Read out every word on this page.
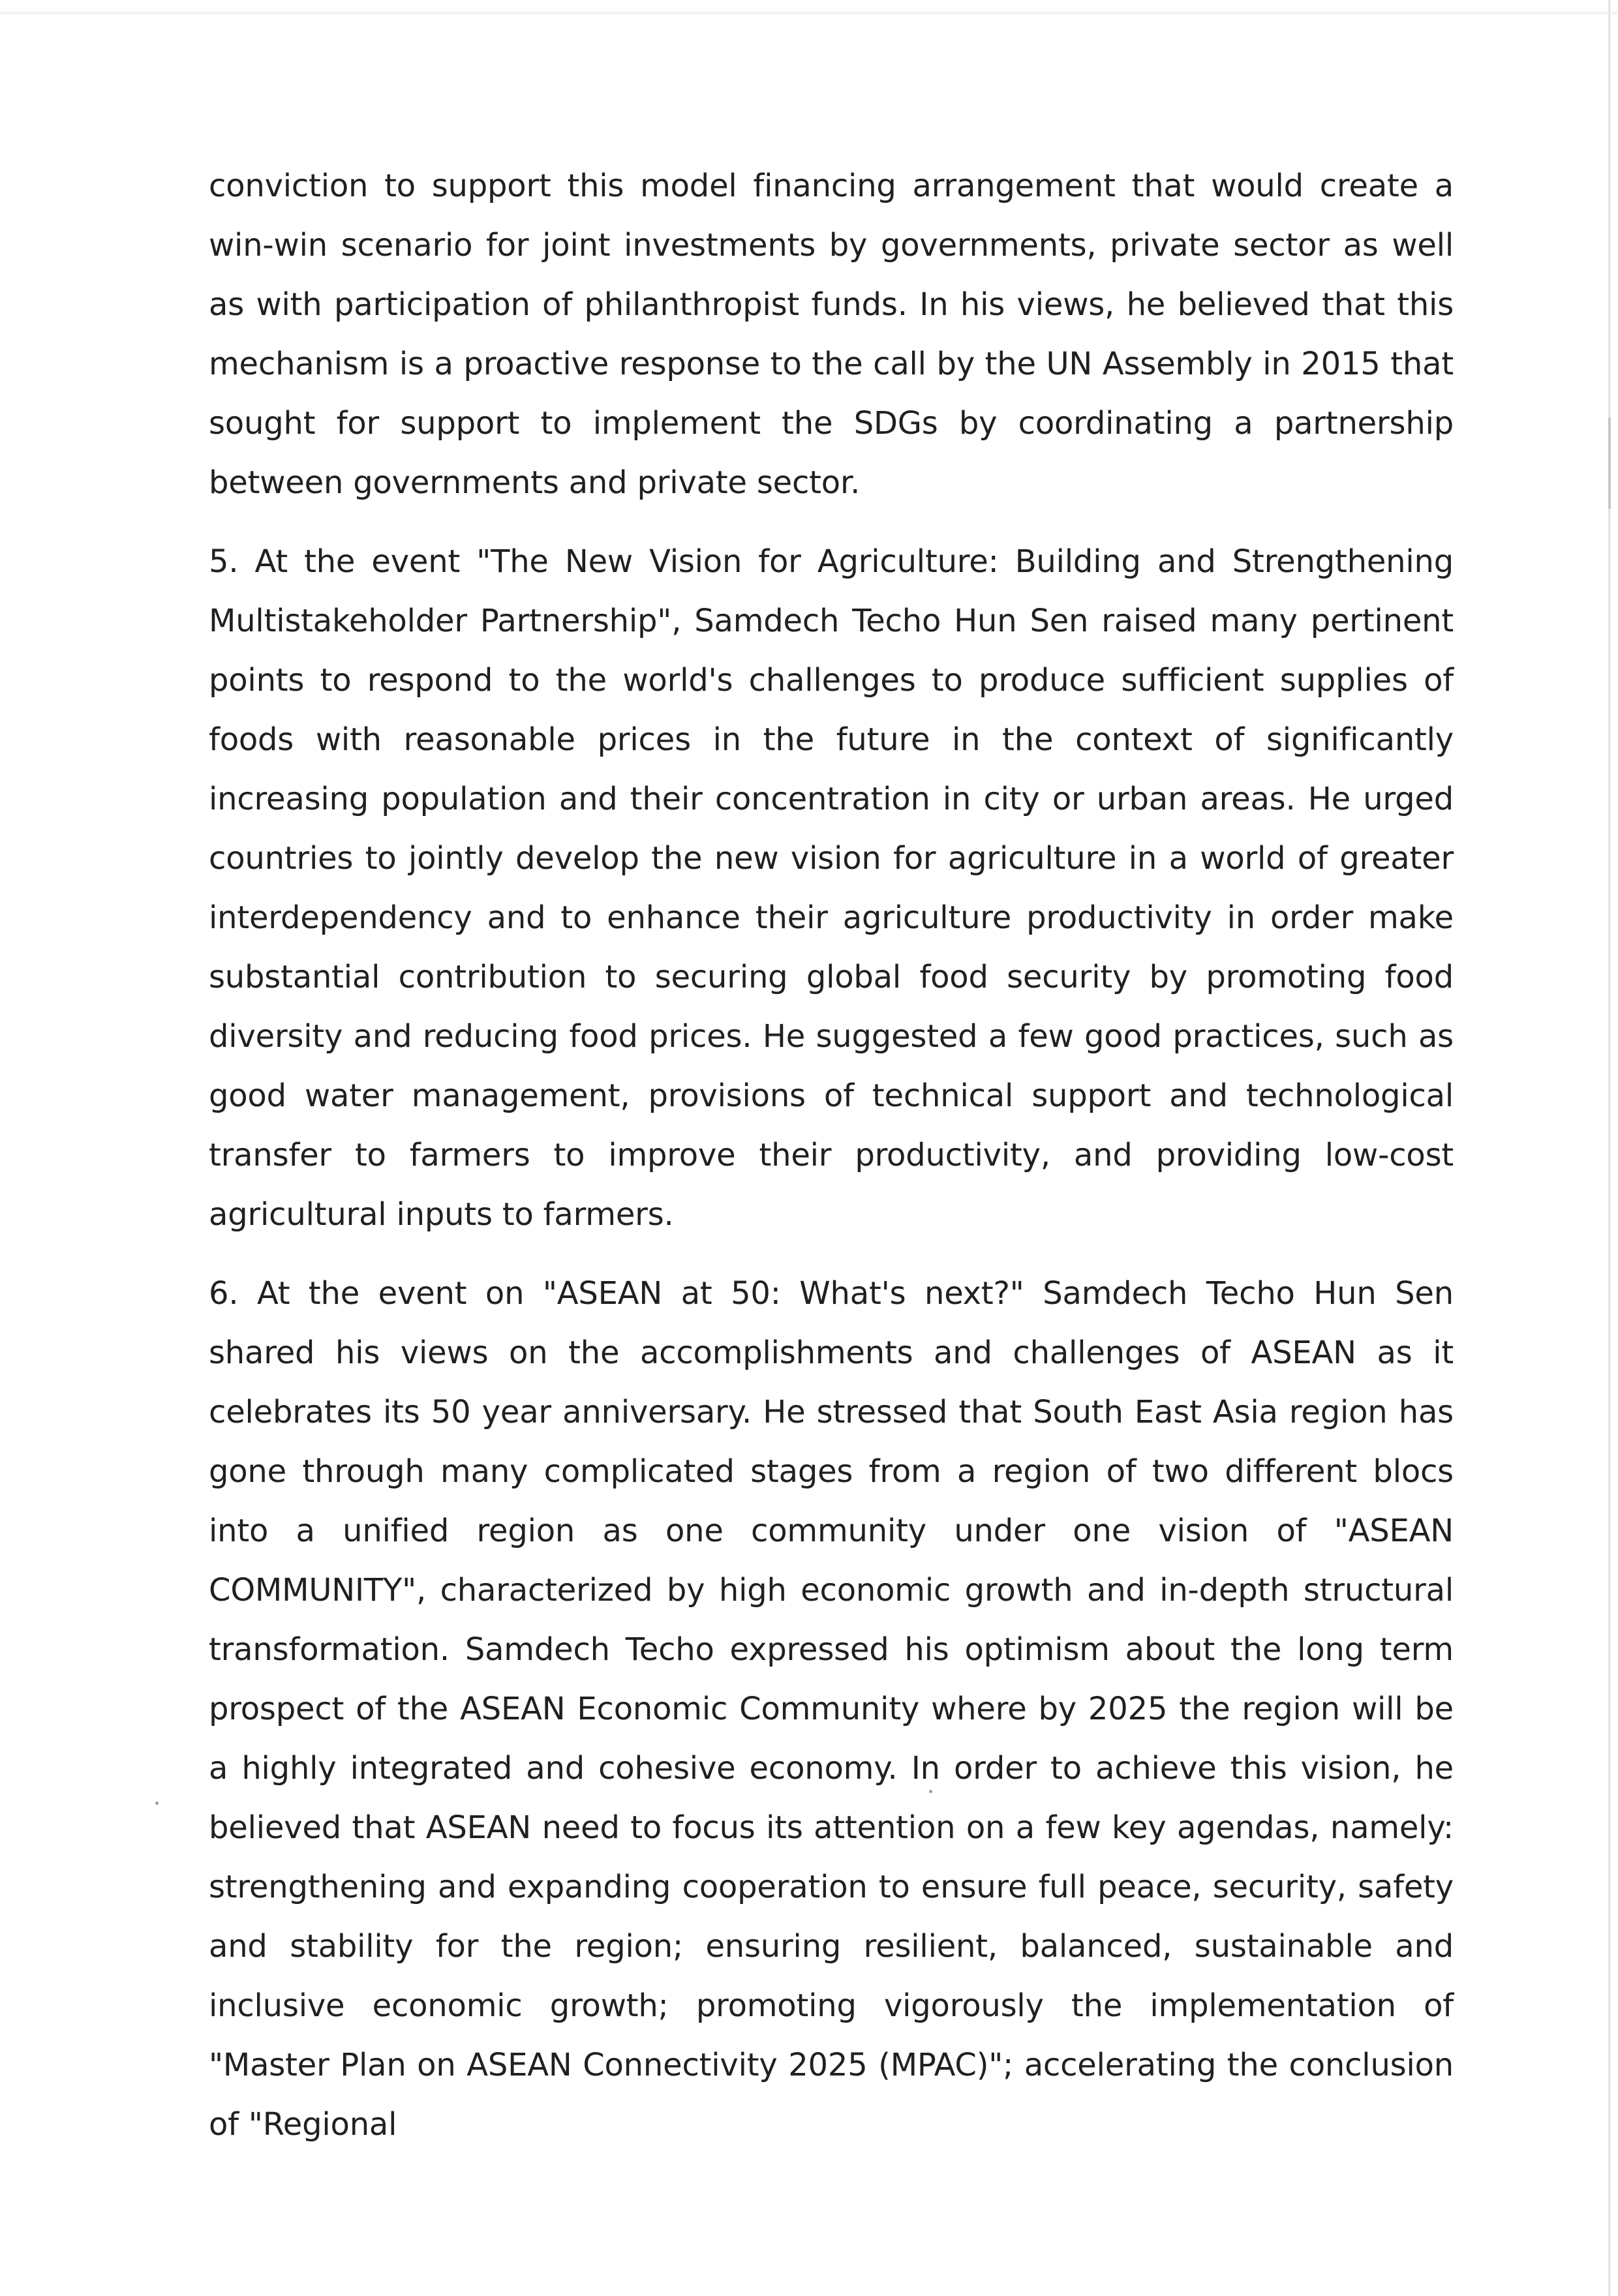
conviction to support this model financing arrangement that would create a win-win scenario for joint investments by governments, private sector as well as with participation of philanthropist funds. In his views, he believed that this mechanism is a proactive response to the call by the UN Assembly in 2015 that sought for support to implement the SDGs by coordinating a partnership between governments and private sector.

5. At the event "The New Vision for Agriculture: Building and Strengthening Multistakeholder Partnership", Samdech Techo Hun Sen raised many pertinent points to respond to the world's challenges to produce sufficient supplies of foods with reasonable prices in the future in the context of significantly increasing population and their concentration in city or urban areas. He urged countries to jointly develop the new vision for agriculture in a world of greater interdependency and to enhance their agriculture productivity in order make substantial contribution to securing global food security by promoting food diversity and reducing food prices. He suggested a few good practices, such as good water management, provisions of technical support and technological transfer to farmers to improve their productivity, and providing low-cost agricultural inputs to farmers.

6. At the event on "ASEAN at 50: What's next?" Samdech Techo Hun Sen shared his views on the accomplishments and challenges of ASEAN as it celebrates its 50 year anniversary. He stressed that South East Asia region has gone through many complicated stages from a region of two different blocs into a unified region as one community under one vision of "ASEAN COMMUNITY", characterized by high economic growth and in-depth structural transformation. Samdech Techo expressed his optimism about the long term prospect of the ASEAN Economic Community where by 2025 the region will be a highly integrated and cohesive economy. In order to achieve this vision, he believed that ASEAN need to focus its attention on a few key agendas, namely: strengthening and expanding cooperation to ensure full peace, security, safety and stability for the region; ensuring resilient, balanced, sustainable and inclusive economic growth; promoting vigorously the implementation of "Master Plan on ASEAN Connectivity 2025 (MPAC)"; accelerating the conclusion of "Regional
